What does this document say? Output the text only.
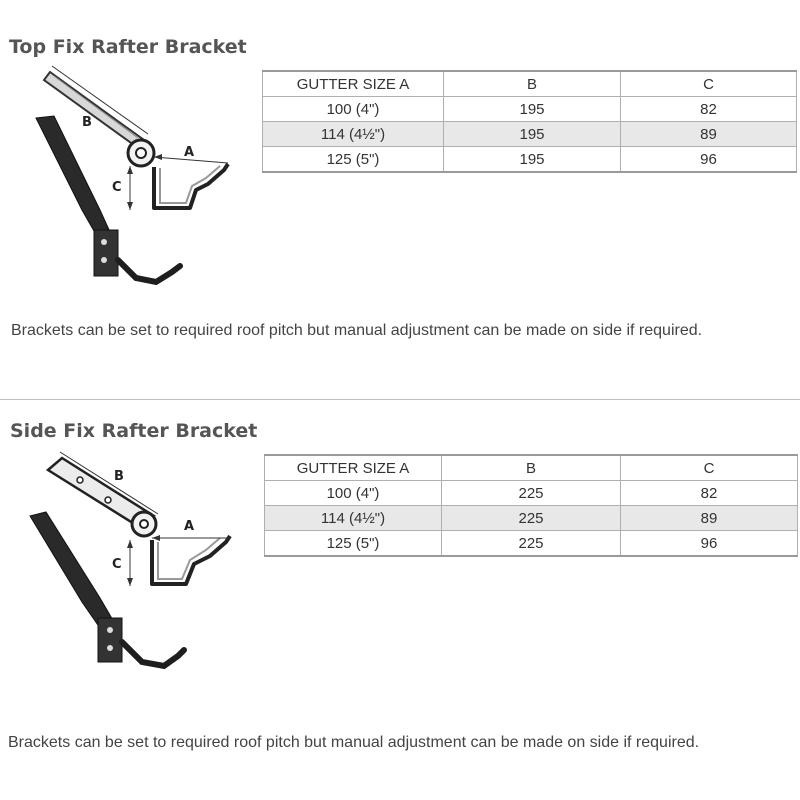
Top Fix Rafter Bracket
B
A
C
GUTTER SIZE A	B	C
100 (4")	195	82
114 (4½")	195	89
125 (5")	195	96

Brackets can be set to required roof pitch but manual adjustment can be made on side if required.

Side Fix Rafter Bracket
B
A
C
GUTTER SIZE A	B	C
100 (4")	225	82
114 (4½")	225	89
125 (5")	225	96

Brackets can be set to required roof pitch but manual adjustment can be made on side if required.
